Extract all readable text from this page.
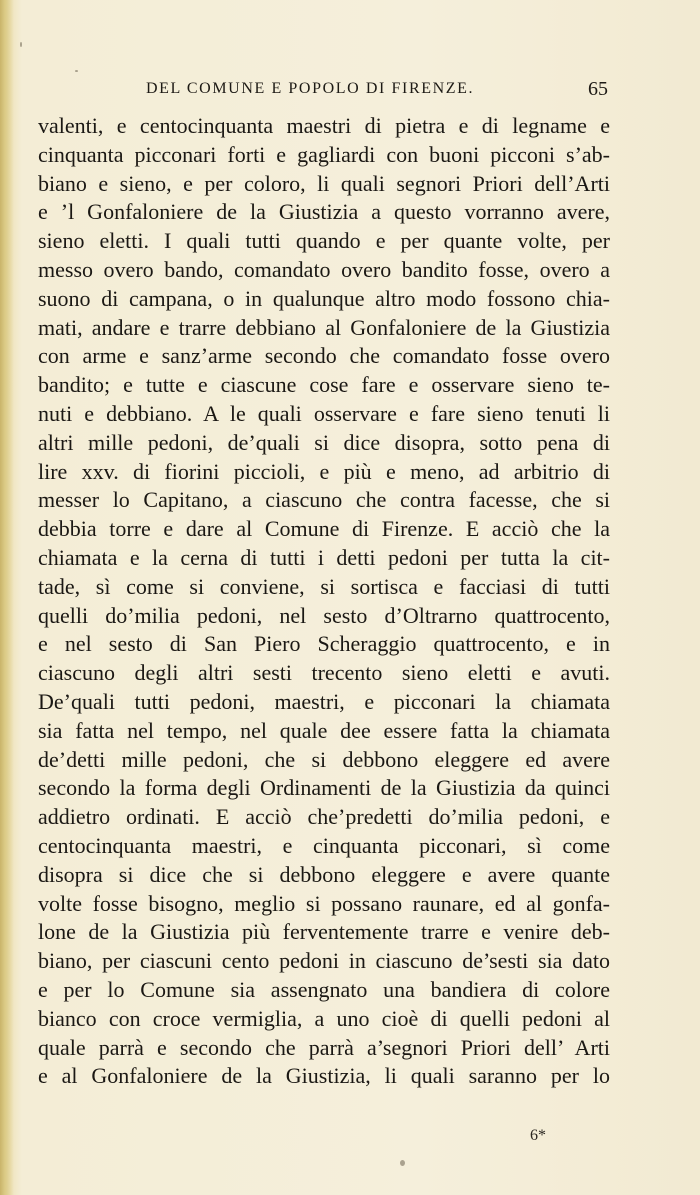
DEL COMUNE E POPOLO DI FIRENZE.	65
valenti, e centocinquanta maestri di pietra e di legname e
cinquanta picconari forti e gagliardi con buoni picconi s’ab-
biano e sieno, e per coloro, li quali segnori Priori dell’Arti
e ’l Gonfaloniere de la Giustizia a questo vorranno avere,
sieno eletti. I quali tutti quando e per quante volte, per
messo overo bando, comandato overo bandito fosse, overo a
suono di campana, o in qualunque altro modo fossono chia-
mati, andare e trarre debbiano al Gonfaloniere de la Giustizia
con arme e sanz’arme secondo che comandato fosse overo
bandito; e tutte e ciascune cose fare e osservare sieno te-
nuti e debbiano. A le quali osservare e fare sieno tenuti li
altri mille pedoni, de’quali si dice disopra, sotto pena di
lire xxv. di fiorini piccioli, e più e meno, ad arbitrio di
messer lo Capitano, a ciascuno che contra facesse, che si
debbia torre e dare al Comune di Firenze. E acciò che la
chiamata e la cerna di tutti i detti pedoni per tutta la cit-
tade, sì come si conviene, si sortisca e facciasi di tutti
quelli do’milia pedoni, nel sesto d’Oltrarno quattrocento,
e nel sesto di San Piero Scheraggio quattrocento, e in
ciascuno degli altri sesti trecento sieno eletti e avuti.
De’quali tutti pedoni, maestri, e picconari la chiamata
sia fatta nel tempo, nel quale dee essere fatta la chiamata
de’detti mille pedoni, che si debbono eleggere ed avere
secondo la forma degli Ordinamenti de la Giustizia da quinci
addietro ordinati. E acciò che’predetti do’milia pedoni, e
centocinquanta maestri, e cinquanta picconari, sì come
disopra si dice che si debbono eleggere e avere quante
volte fosse bisogno, meglio si possano raunare, ed al gonfa-
lone de la Giustizia più ferventemente trarre e venire deb-
biano, per ciascuni cento pedoni in ciascuno de’sesti sia dato
e per lo Comune sia assengnato una bandiera di colore
bianco con croce vermiglia, a uno cioè di quelli pedoni al
quale parrà e secondo che parrà a’segnori Priori dell’ Arti
e al Gonfaloniere de la Giustizia, li quali saranno per lo
6*
